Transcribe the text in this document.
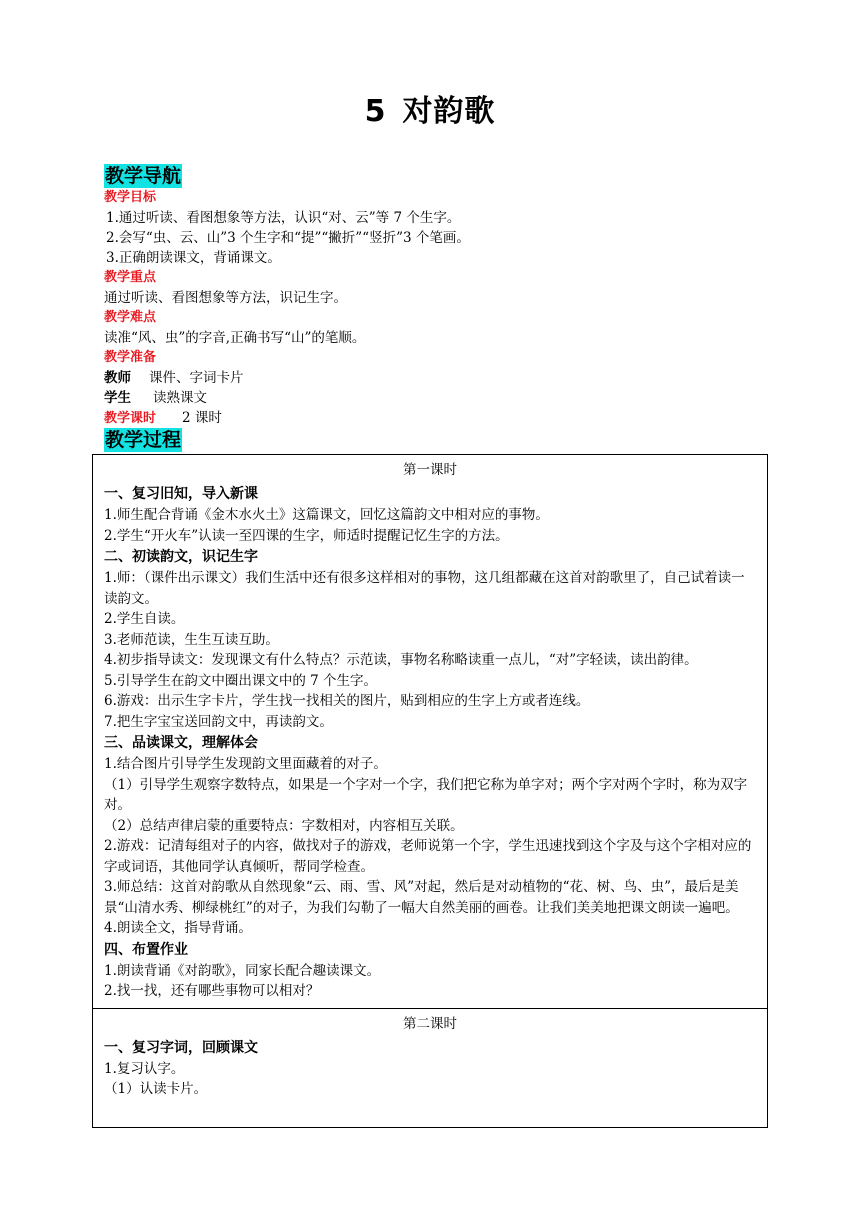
5 对韵歌
教学导航
教学目标
1.通过听读、看图想象等方法，认识“对、云”等 7 个生字。
2.会写“虫、云、山”3 个生字和“提”“撇折”“竖折”3 个笔画。
3.正确朗读课文，背诵课文。
教学重点
通过听读、看图想象等方法，识记生字。
教学难点
读准“风、虫”的字音,正确书写“山”的笔顺。
教学准备
教师 课件、字词卡片
学生 读熟课文
教学课时 2 课时
教学过程
第一课时
一、复习旧知，导入新课
1.师生配合背诵《金木水火土》这篇课文，回忆这篇韵文中相对应的事物。
2.学生“开火车”认读一至四课的生字，师适时提醒记忆生字的方法。
二、初读韵文，识记生字
1.师：（课件出示课文）我们生活中还有很多这样相对的事物，这几组都藏在这首对韵歌里了，自己试着读一读韵文。
2.学生自读。
3.老师范读，生生互读互助。
4.初步指导读文：发现课文有什么特点？示范读，事物名称略读重一点儿，“对”字轻读，读出韵律。
5.引导学生在韵文中圈出课文中的 7 个生字。
6.游戏：出示生字卡片，学生找一找相关的图片，贴到相应的生字上方或者连线。
7.把生字宝宝送回韵文中，再读韵文。
三、品读课文，理解体会
1.结合图片引导学生发现韵文里面藏着的对子。
（1）引导学生观察字数特点，如果是一个字对一个字，我们把它称为单字对；两个字对两个字时，称为双字对。
（2）总结声律启蒙的重要特点：字数相对，内容相互关联。
2.游戏：记清每组对子的内容，做找对子的游戏，老师说第一个字，学生迅速找到这个字及与这个字相对应的字或词语，其他同学认真倾听，帮同学检查。
3.师总结：这首对韵歌从自然现象“云、雨、雪、风”对起，然后是对动植物的“花、树、鸟、虫”，最后是美景“山清水秀、柳绿桃红”的对子，为我们勾勒了一幅大自然美丽的画卷。让我们美美地把课文朗读一遍吧。
4.朗读全文，指导背诵。
四、布置作业
1.朗读背诵《对韵歌》，同家长配合趣读课文。
2.找一找，还有哪些事物可以相对？
第二课时
一、复习字词，回顾课文
1.复习认字。
（1）认读卡片。
